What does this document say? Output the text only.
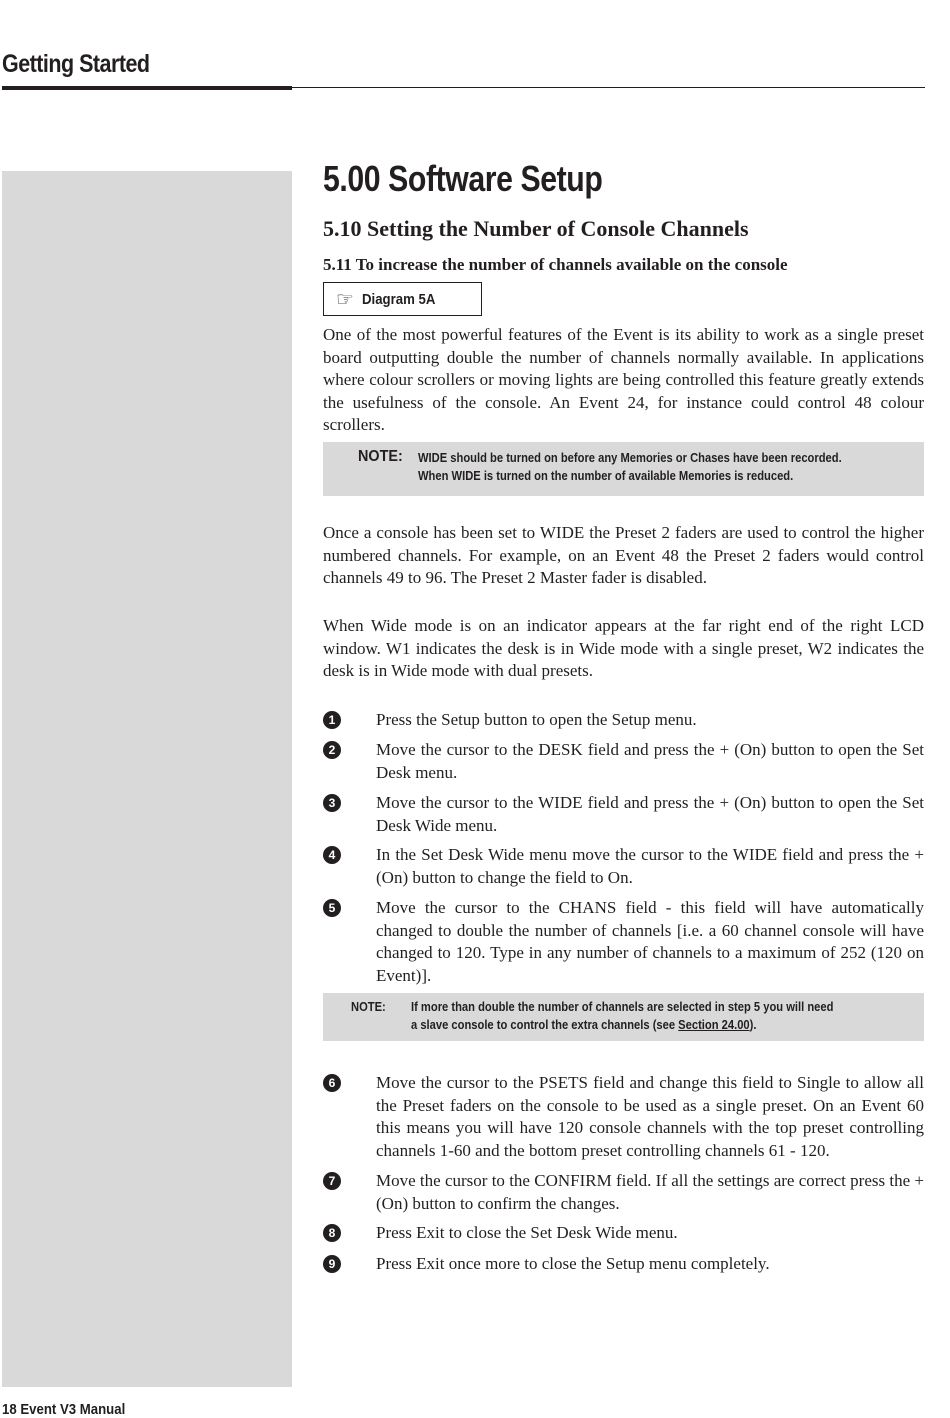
Getting Started
5.00 Software Setup
5.10 Setting the Number of Console Channels
5.11 To increase the number of channels available on the console
☞ Diagram 5A

One of the most powerful features of the Event is its ability to work as a single preset board outputting double the number of channels normally available. In applications where colour scrollers or moving lights are being controlled this feature greatly extends the usefulness of the console. An Event 24, for instance could control 48 colour scrollers.

NOTE: WIDE should be turned on before any Memories or Chases have been recorded.
When WIDE is turned on the number of available Memories is reduced.

Once a console has been set to WIDE the Preset 2 faders are used to control the higher numbered channels. For example, on an Event 48 the Preset 2 faders would control channels 49 to 96. The Preset 2 Master fader is disabled.

When Wide mode is on an indicator appears at the far right end of the right LCD window. W1 indicates the desk is in Wide mode with a single preset, W2 indicates the desk is in Wide mode with dual presets.

1	Press the Setup button to open the Setup menu.
2	Move the cursor to the DESK field and press the + (On) button to open the Set Desk menu.
3	Move the cursor to the WIDE field and press the + (On) button to open the Set Desk Wide menu.
4	In the Set Desk Wide menu move the cursor to the WIDE field and press the + (On) button to change the field to On.
5	Move the cursor to the CHANS field - this field will have automatically changed to double the number of channels [i.e. a 60 channel console will have changed to 120. Type in any number of channels to a maximum of 252 (120 on Event)].
NOTE: If more than double the number of channels are selected in step 5 you will need
a slave console to control the extra channels (see Section 24.00).
6	Move the cursor to the PSETS field and change this field to Single to allow all the Preset faders on the console to be used as a single preset. On an Event 60 this means you will have 120 console channels with the top preset controlling channels 1-60 and the bottom preset controlling channels 61 - 120.
7	Move the cursor to the CONFIRM field. If all the settings are correct press the + (On) button to confirm the changes.
8	Press Exit to close the Set Desk Wide menu.
9	Press Exit once more to close the Setup menu completely.
18 Event V3 Manual
